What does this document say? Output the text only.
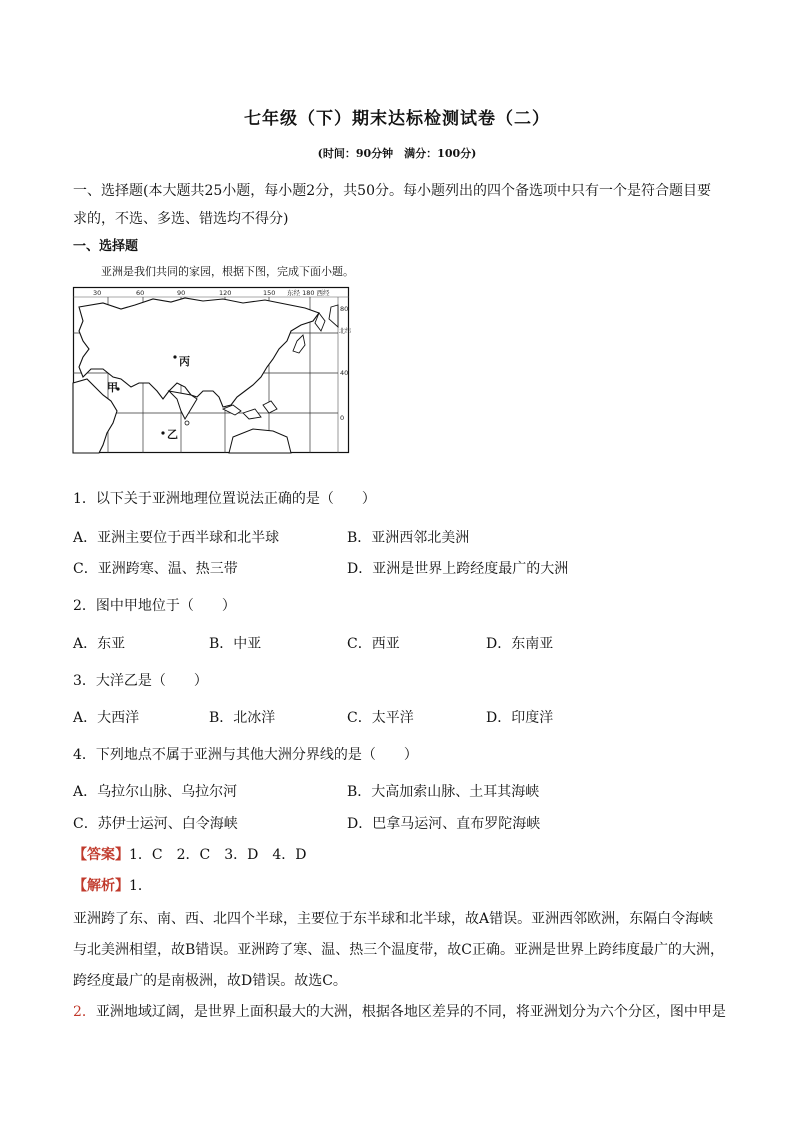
七年级（下）期末达标检测试卷（二）
(时间：90分钟　满分：100分)
一、选择题(本大题共25小题，每小题2分，共50分。每小题列出的四个备选项中只有一个是符合题目要
求的，不选、多选、错选均不得分)
一、选择题
亚洲是我们共同的家园，根据下图，完成下面小题。
30	60	90	120	150 东经 180 西经
80
40
0
北纬
丙
甲
乙
1．以下关于亚洲地理位置说法正确的是（　　）
A．亚洲主要位于西半球和北半球	B．亚洲西邻北美洲
C．亚洲跨寒、温、热三带	D．亚洲是世界上跨经度最广的大洲
2．图中甲地位于（　　）
A．东亚	B．中亚	C．西亚	D．东南亚
3．大洋乙是（　　）
A．大西洋	B．北冰洋	C．太平洋	D．印度洋
4．下列地点不属于亚洲与其他大洲分界线的是（　　）
A．乌拉尔山脉、乌拉尔河	B．大高加索山脉、土耳其海峡
C．苏伊士运河、白令海峡	D．巴拿马运河、直布罗陀海峡
【答案】1．C　2．C　3．D　4．D
【解析】1．
亚洲跨了东、南、西、北四个半球，主要位于东半球和北半球，故A错误。亚洲西邻欧洲，东隔白令海峡
与北美洲相望，故B错误。亚洲跨了寒、温、热三个温度带，故C正确。亚洲是世界上跨纬度最广的大洲，
跨经度最广的是南极洲，故D错误。故选C。
2．亚洲地域辽阔，是世界上面积最大的大洲，根据各地区差异的不同，将亚洲划分为六个分区，图中甲是
